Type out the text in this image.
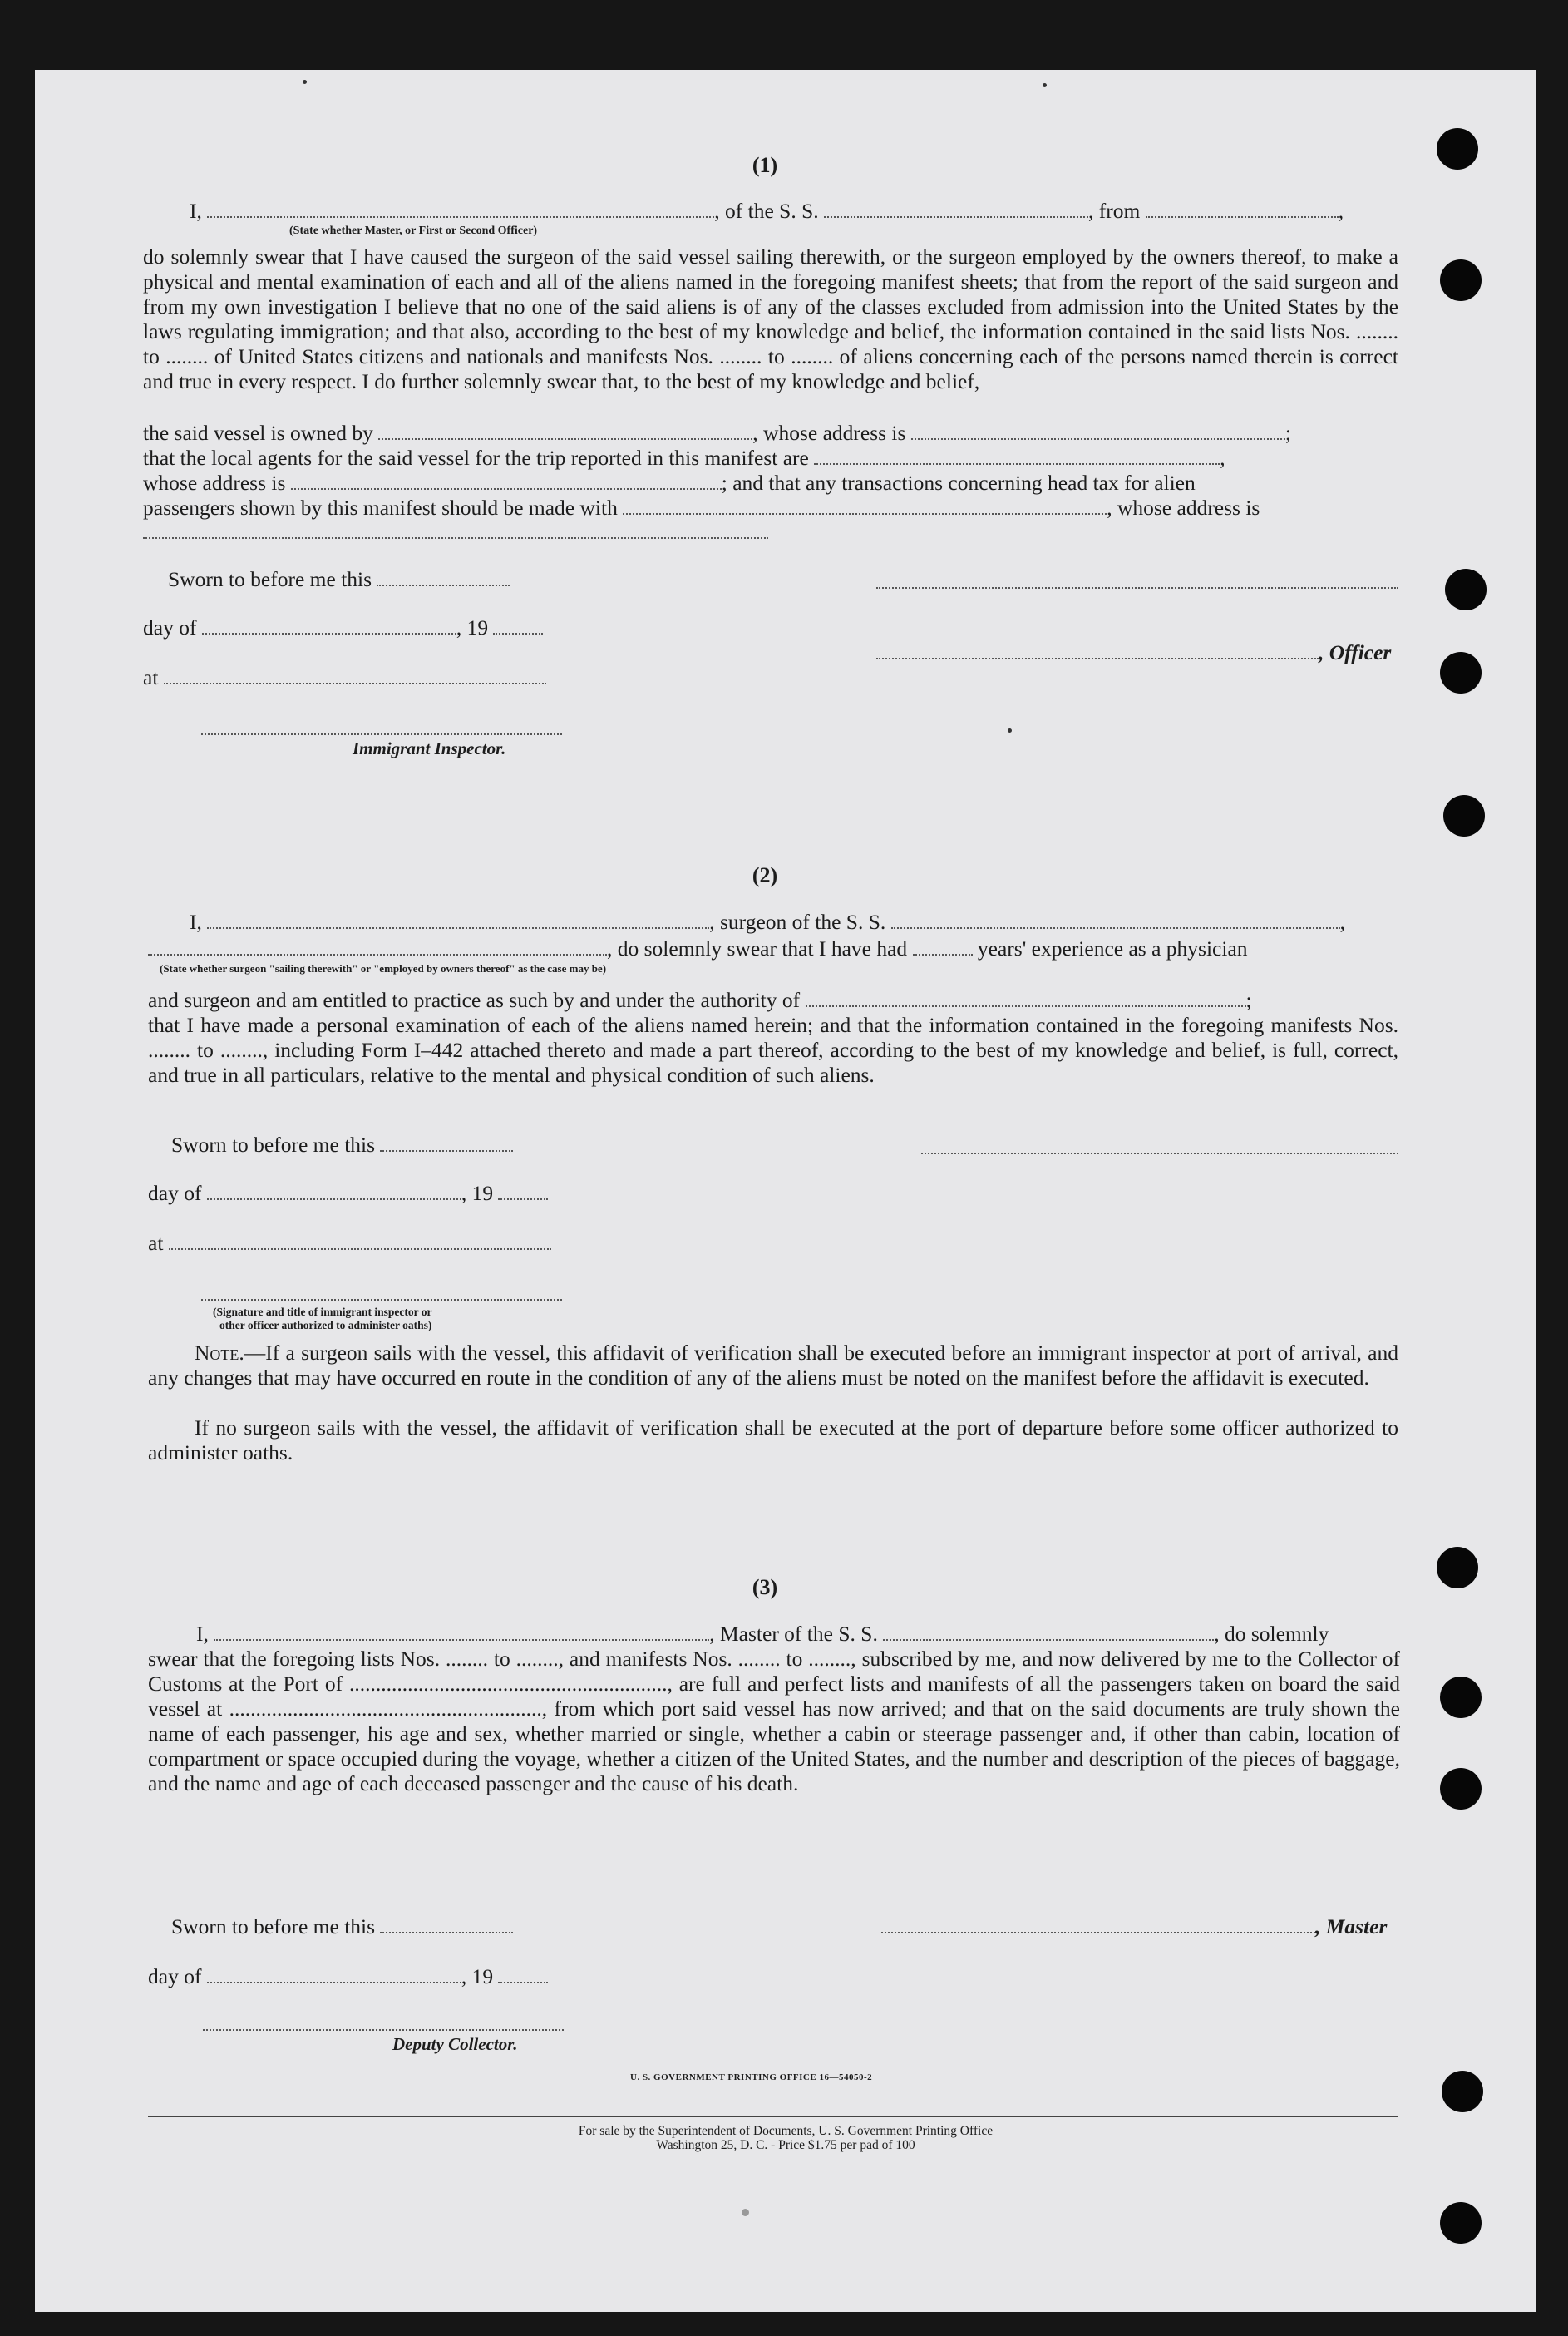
(1)
I,	, of the S. S.	, from	,
(State whether Master, or First or Second Officer)
do solemnly swear that I have caused the surgeon of the said vessel sailing therewith, or the surgeon employed by the owners thereof, to make a physical and mental examination of each and all of the aliens named in the foregoing manifest sheets; that from the report of the said surgeon and from my own investigation I believe that no one of the said aliens is of any of the classes excluded from admission into the United States by the laws regulating immigration; and that also, according to the best of my knowledge and belief, the information contained in the said lists Nos. ........ to ........ of United States citizens and nationals and manifests Nos. ........ to ........ of aliens concerning each of the persons named therein is correct and true in every respect. I do further solemnly swear that, to the best of my knowledge and belief,
the said vessel is owned by	, whose address is	;
that the local agents for the said vessel for the trip reported in this manifest are	,
whose address is	; and that any transactions concerning head tax for alien
passengers shown by this manifest should be made with	, whose address is
Sworn to before me this
day of	, 19
, Officer
at
Immigrant Inspector.
(2)
I,	, surgeon of the S. S.	,
, do solemnly swear that I have had	years' experience as a physician
(State whether surgeon "sailing therewith" or "employed by owners thereof" as the case may be)
and surgeon and am entitled to practice as such by and under the authority of	;
that I have made a personal examination of each of the aliens named herein; and that the information contained in the foregoing manifests Nos. ........ to ........, including Form I–442 attached thereto and made a part thereof, according to the best of my knowledge and belief, is full, correct, and true in all particulars, relative to the mental and physical condition of such aliens.
Sworn to before me this
day of	, 19
at
(Signature and title of immigrant inspector or
other officer authorized to administer oaths)
Note.—If a surgeon sails with the vessel, this affidavit of verification shall be executed before an immigrant inspector at port of arrival, and any changes that may have occurred en route in the condition of any of the aliens must be noted on the manifest before the affidavit is executed.
If no surgeon sails with the vessel, the affidavit of verification shall be executed at the port of departure before some officer authorized to administer oaths.
(3)
I,	, Master of the S. S.	, do solemnly
swear that the foregoing lists Nos. ........ to ........, and manifests Nos. ........ to ........, subscribed by me, and now delivered by me to the Collector of Customs at the Port of ............................................................, are full and perfect lists and manifests of all the passengers taken on board the said vessel at ..........................................................., from which port said vessel has now arrived; and that on the said documents are truly shown the name of each passenger, his age and sex, whether married or single, whether a cabin or steerage passenger and, if other than cabin, location of compartment or space occupied during the voyage, whether a citizen of the United States, and the number and description of the pieces of baggage, and the name and age of each deceased passenger and the cause of his death.
Sworn to before me this	, Master
day of	, 19
Deputy Collector.
U. S. GOVERNMENT PRINTING OFFICE 16—54050-2
For sale by the Superintendent of Documents, U. S. Government Printing Office
Washington 25, D. C. - Price $1.75 per pad of 100
